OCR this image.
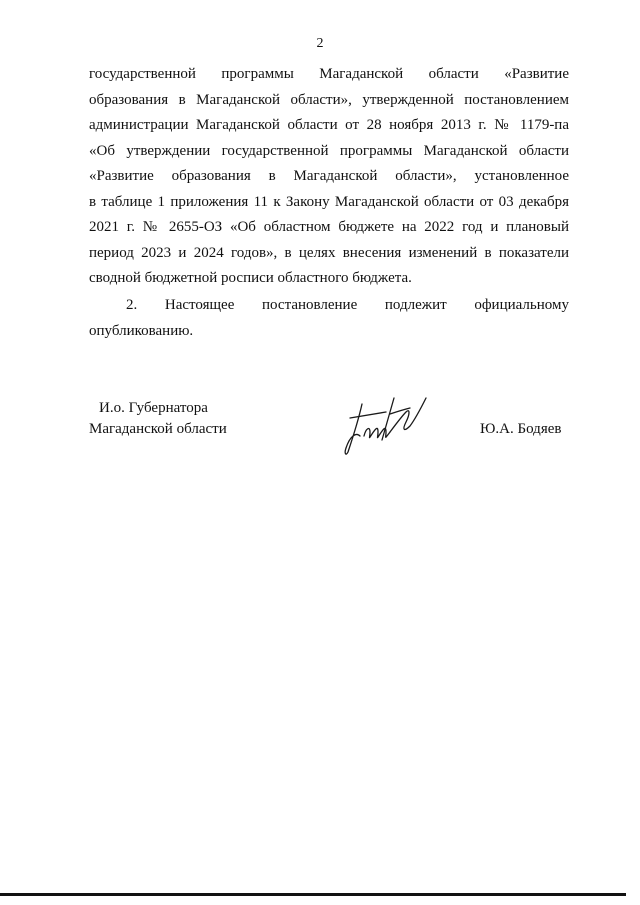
2
государственной программы Магаданской области «Развитие
образования в Магаданской области», утвержденной постановлением
администрации Магаданской области от 28 ноября 2013 г. № 1179-па
«Об утверждении государственной программы Магаданской области
«Развитие образования в Магаданской области», установленное
в таблице 1 приложения 11 к Закону Магаданской области от 03 декабря
2021 г. № 2655-ОЗ «Об областном бюджете на 2022 год и плановый
период 2023 и 2024 годов», в целях внесения изменений в показатели
сводной бюджетной росписи областного бюджета.
2. Настоящее постановление подлежит официальному
опубликованию.
И.о. Губернатора
Магаданской области	Ю.А. Бодяев
